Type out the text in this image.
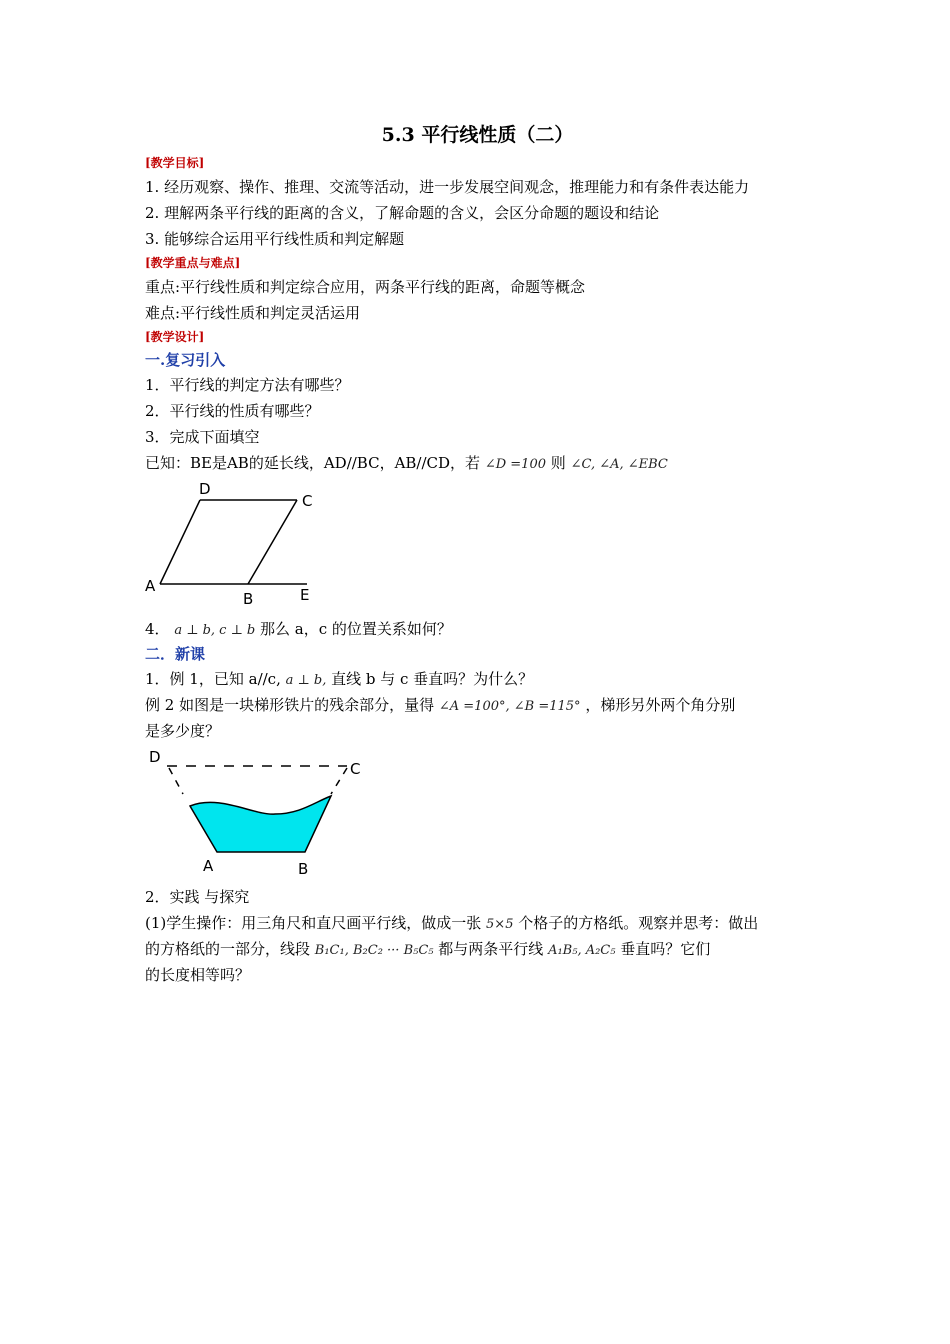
5.3 平行线性质（二）
[教学目标]
1. 经历观察、操作、推理、交流等活动，进一步发展空间观念，推理能力和有条件表达能力
2. 理解两条平行线的距离的含义，了解命题的含义，会区分命题的题设和结论
3. 能够综合运用平行线性质和判定解题
[教学重点与难点]
重点:平行线性质和判定综合应用，两条平行线的距离，命题等概念
难点:平行线性质和判定灵活运用
[教学设计]
一.复习引入
1．平行线的判定方法有哪些？
2．平行线的性质有哪些？
3．完成下面填空
已知：BE是AB的延长线，AD//BC，AB//CD，若 ∠D =100 则 ∠C, ∠A, ∠EBC
D
C
A
B	E
4． a ⊥ b, c ⊥ b 那么 a，c 的位置关系如何？
二．新课
1．例 1，已知 a//c, a ⊥ b, 直线 b 与 c 垂直吗？为什么？
例 2 如图是一块梯形铁片的残余部分，量得 ∠A =100°, ∠B =115° ，梯形另外两个角分别
是多少度？
D
C
A	B
2．实践 与探究
(1)学生操作：用三角尺和直尺画平行线，做成一张 5×5 个格子的方格纸。观察并思考：做出
的方格纸的一部分，线段 B₁C₁, B₂C₂ ··· B₅C₅ 都与两条平行线 A₁B₅, A₂C₅ 垂直吗？它们
的长度相等吗？
